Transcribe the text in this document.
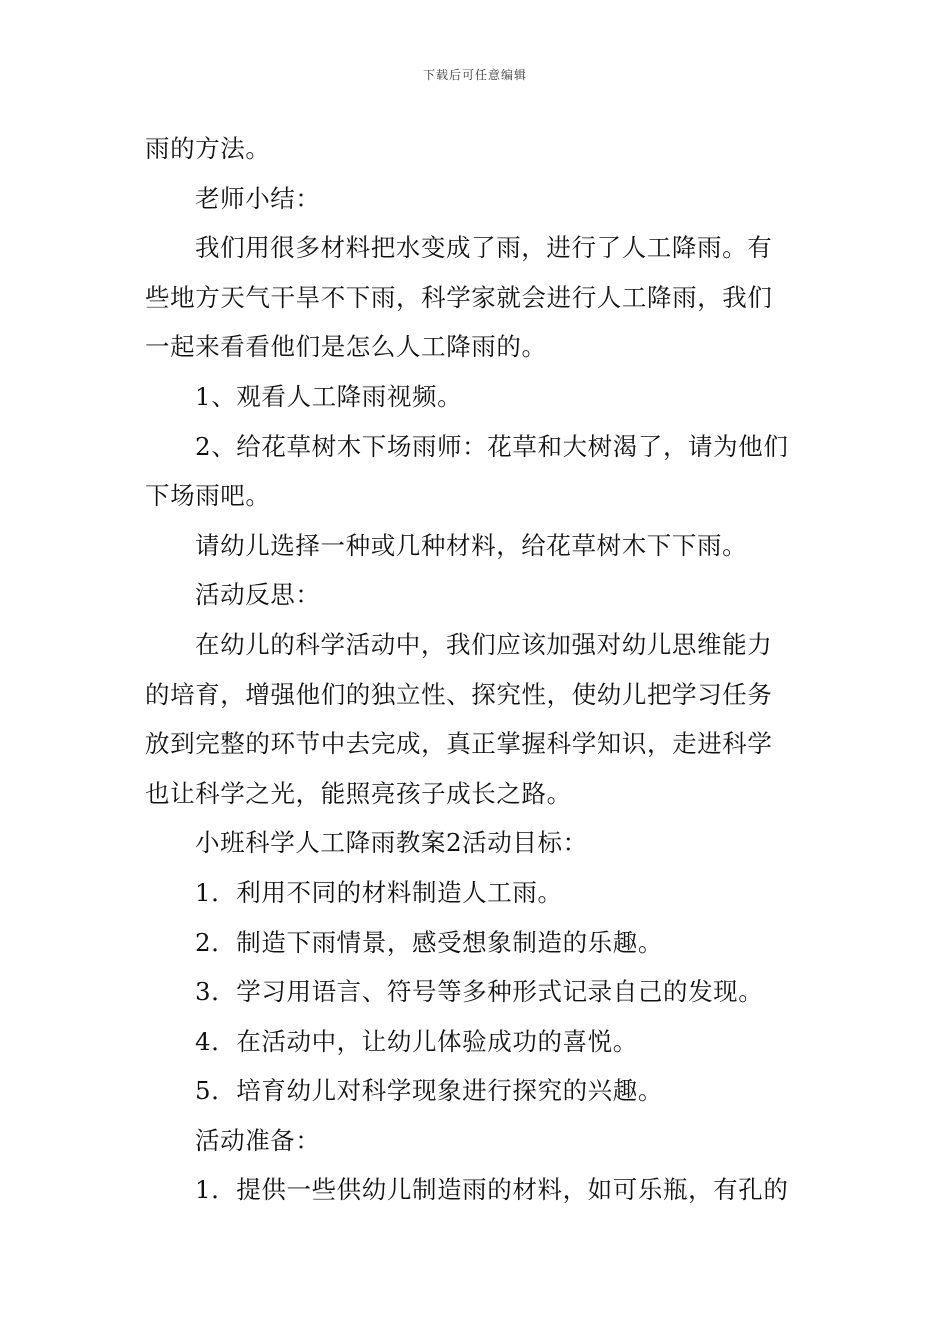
下载后可任意编辑
雨的方法。
老师小结：
我们用很多材料把水变成了雨，进行了人工降雨。有
些地方天气干旱不下雨，科学家就会进行人工降雨，我们
一起来看看他们是怎么人工降雨的。
1、观看人工降雨视频。
2、给花草树木下场雨师：花草和大树渴了，请为他们
下场雨吧。
请幼儿选择一种或几种材料，给花草树木下下雨。
活动反思：
在幼儿的科学活动中，我们应该加强对幼儿思维能力
的培育，增强他们的独立性、探究性，使幼儿把学习任务
放到完整的环节中去完成，真正掌握科学知识，走进科学
也让科学之光，能照亮孩子成长之路。
小班科学人工降雨教案2活动目标：
1．利用不同的材料制造人工雨。
2．制造下雨情景，感受想象制造的乐趣。
3．学习用语言、符号等多种形式记录自己的发现。
4．在活动中，让幼儿体验成功的喜悦。
5．培育幼儿对科学现象进行探究的兴趣。
活动准备：
1．提供一些供幼儿制造雨的材料，如可乐瓶，有孔的
